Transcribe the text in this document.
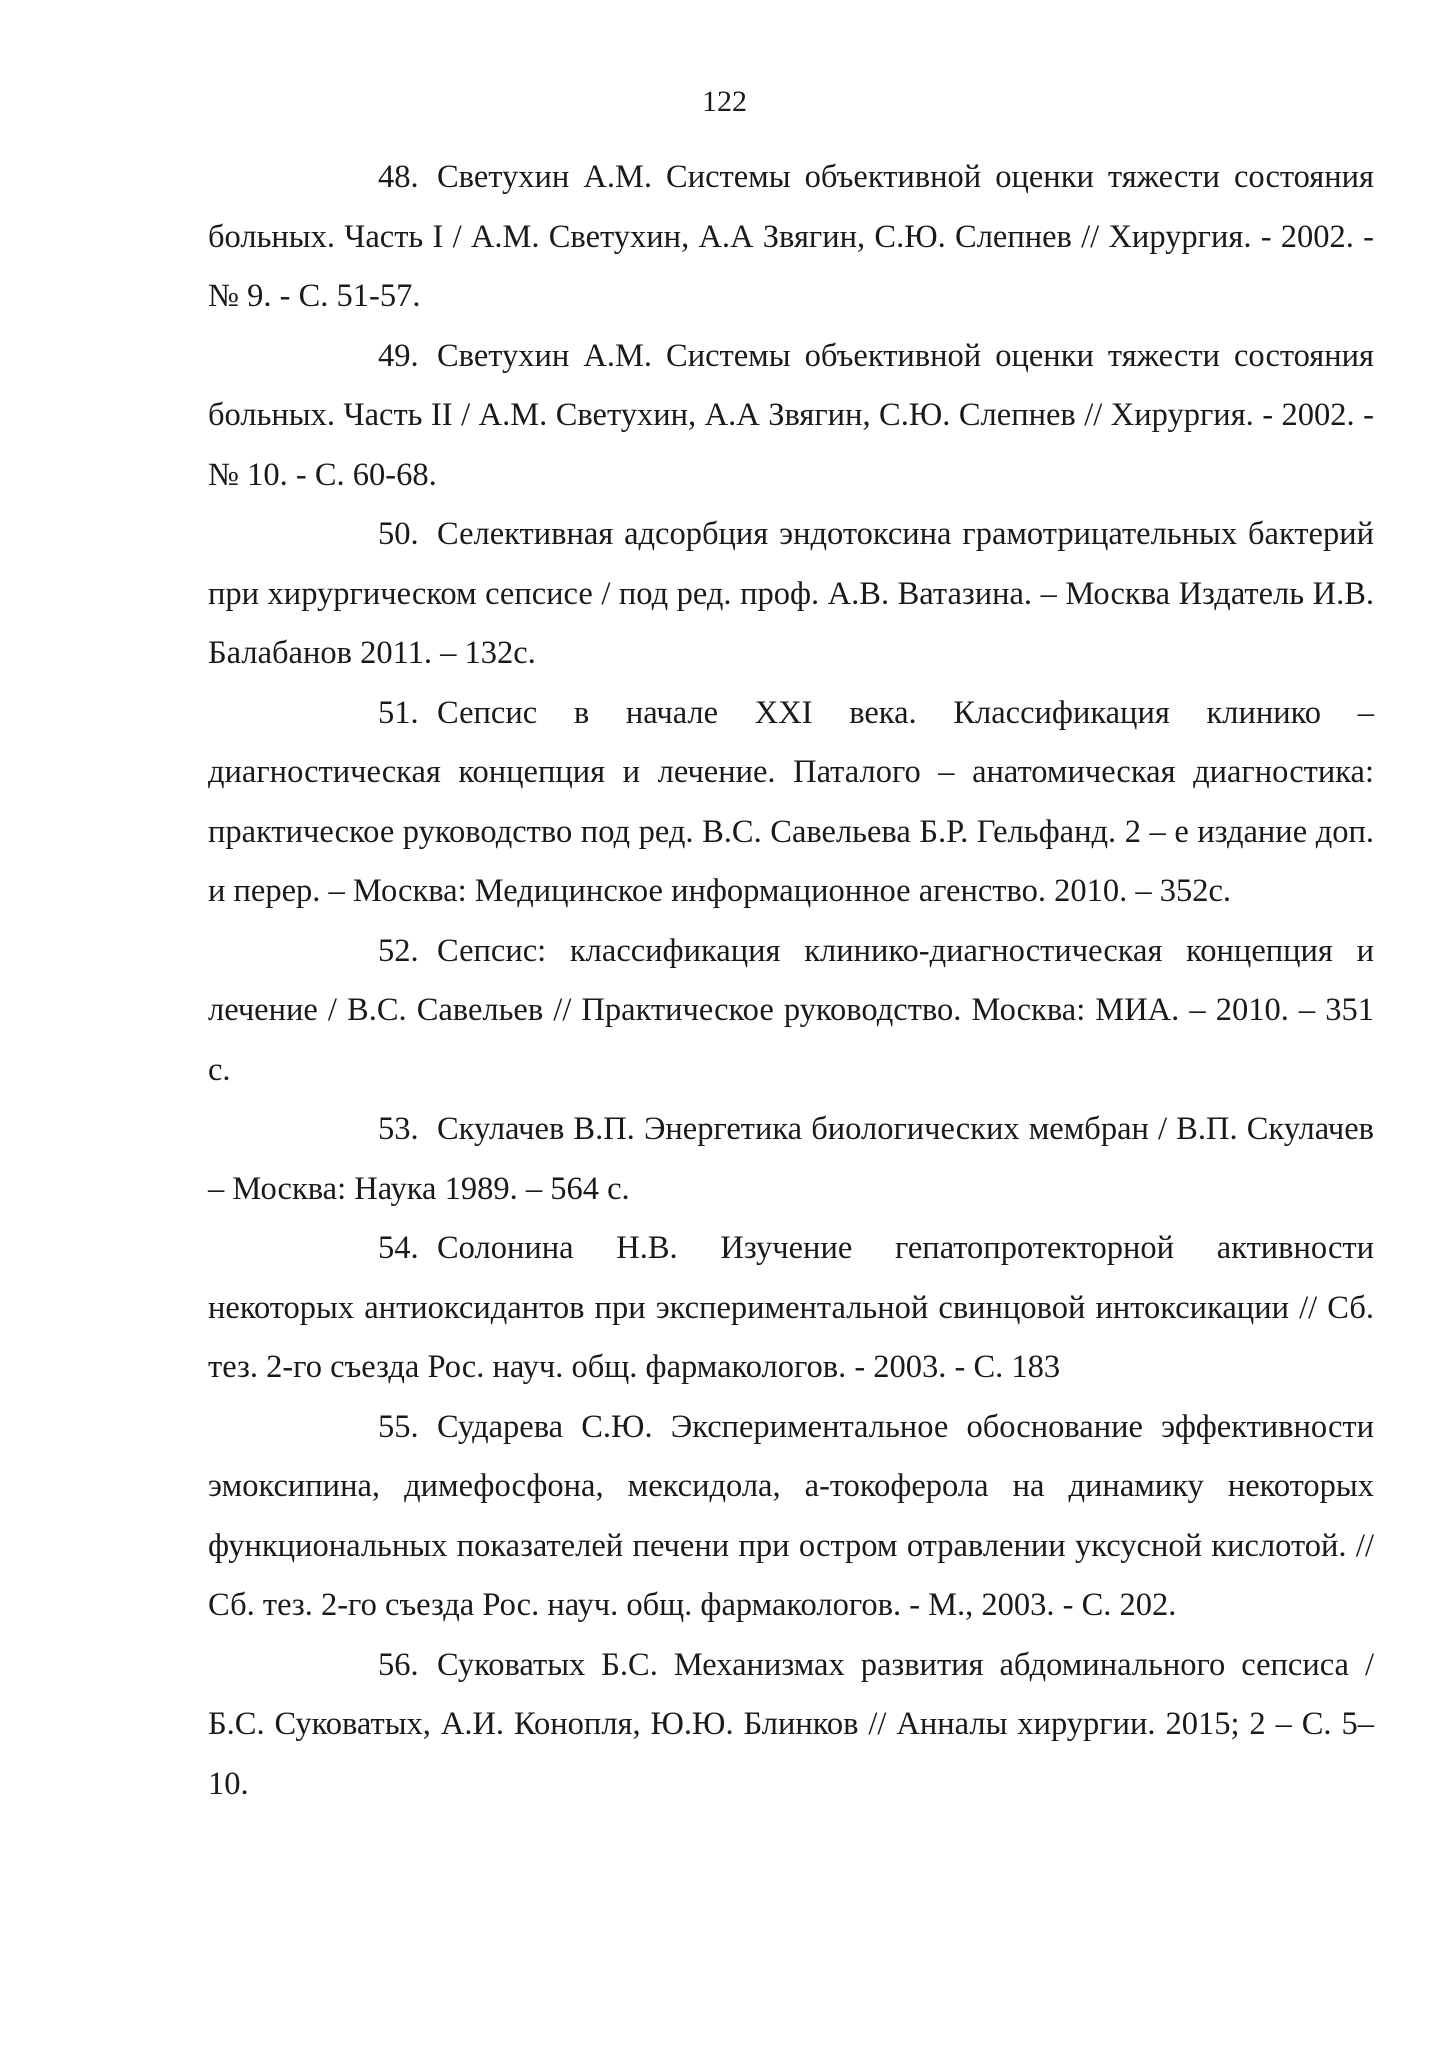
122
48. Светухин А.М. Системы объективной оценки тяжести состояния больных. Часть I / А.М. Светухин, А.А Звягин, С.Ю. Слепнев // Хирургия. - 2002. - № 9. - С. 51-57.
49. Светухин А.М. Системы объективной оценки тяжести состояния больных. Часть II / А.М. Светухин, А.А Звягин, С.Ю. Слепнев // Хирургия. - 2002. - № 10. - С. 60-68.
50. Селективная адсорбция эндотоксина грамотрицательных бактерий при хирургическом сепсисе / под ред. проф. А.В. Ватазина. – Москва Издатель И.В. Балабанов 2011. – 132с.
51. Сепсис в начале XXI века. Классификация клинико – диагностическая концепция и лечение. Паталого – анатомическая диагностика: практическое руководство под ред. В.С. Савельева Б.Р. Гельфанд. 2 – е издание доп. и перер. – Москва: Медицинское информационное агенство. 2010. – 352с.
52. Сепсис: классификация клинико-диагностическая концепция и лечение / В.С. Савельев // Практическое руководство. Москва: МИА. – 2010. – 351 с.
53. Скулачев В.П. Энергетика биологических мембран / В.П. Скулачев – Москва: Наука 1989. – 564 с.
54. Солонина Н.В. Изучение гепатопротекторной активности некоторых антиоксидантов при экспериментальной свинцовой интоксикации // Сб. тез. 2-го съезда Рос. науч. общ. фармакологов. - 2003. - С. 183
55. Сударева С.Ю. Экспериментальное обоснование эффективности эмоксипина, димефосфона, мексидола, а-токоферола на динамику некоторых функциональных показателей печени при остром отравлении уксусной кислотой. // Сб. тез. 2-го съезда Рос. науч. общ. фармакологов. - М., 2003. - С. 202.
56. Суковатых Б.С. Механизмах развития абдоминального сепсиса / Б.С. Суковатых, А.И. Конопля, Ю.Ю. Блинков // Анналы хирургии. 2015; 2 – С. 5–10.
